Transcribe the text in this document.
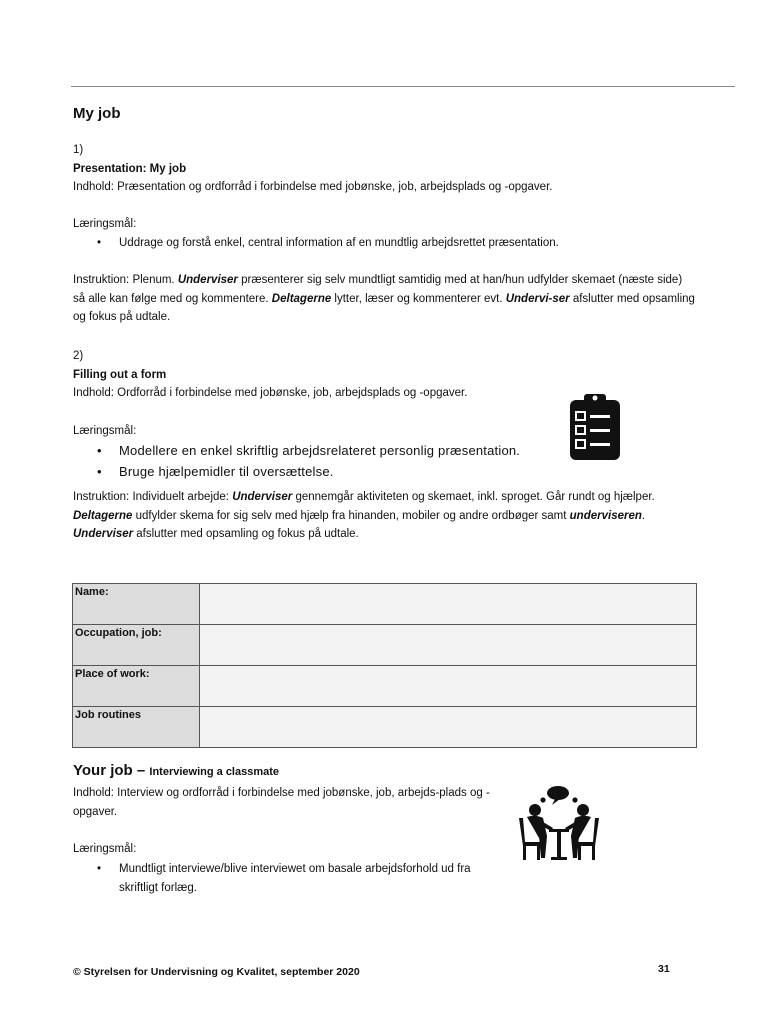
My job
1)
Presentation: My job
Indhold: Præsentation og ordforråd i forbindelse med jobønske, job, arbejdsplads og -opgaver.
Læringsmål:
• Uddrage og forstå enkel, central information af en mundtlig arbejdsrettet præsentation.
Instruktion: Plenum. Underviser præsenterer sig selv mundtligt samtidig med at han/hun udfylder skemaet (næste side) så alle kan følge med og kommentere. Deltagerne lytter, læser og kommenterer evt. Undervi-ser afslutter med opsamling og fokus på udtale.
2)
Filling out a form
Indhold: Ordforråd i forbindelse med jobønske, job, arbejdsplads og -opgaver.
Læringsmål:
• Modellere en enkel skriftlig arbejdsrelateret personlig præsentation.
• Bruge hjælpemidler til oversættelse.
Instruktion: Individuelt arbejde: Underviser gennemgår aktiviteten og skemaet, inkl. sproget. Går rundt og hjælper. Deltagerne udfylder skema for sig selv med hjælp fra hinanden, mobiler og andre ordbøger samt underviseren.
Underviser afslutter med opsamling og fokus på udtale.
Name:	
Occupation, job:	
Place of work:	
Job routines	
Your job – Interviewing a classmate
Indhold: Interview og ordforråd i forbindelse med jobønske, job, arbejds-plads og -opgaver.
Læringsmål:
• Mundtligt interviewe/blive interviewet om basale arbejdsforhold ud fra skriftligt forlæg.
© Styrelsen for Undervisning og Kvalitet, september 2020	31
